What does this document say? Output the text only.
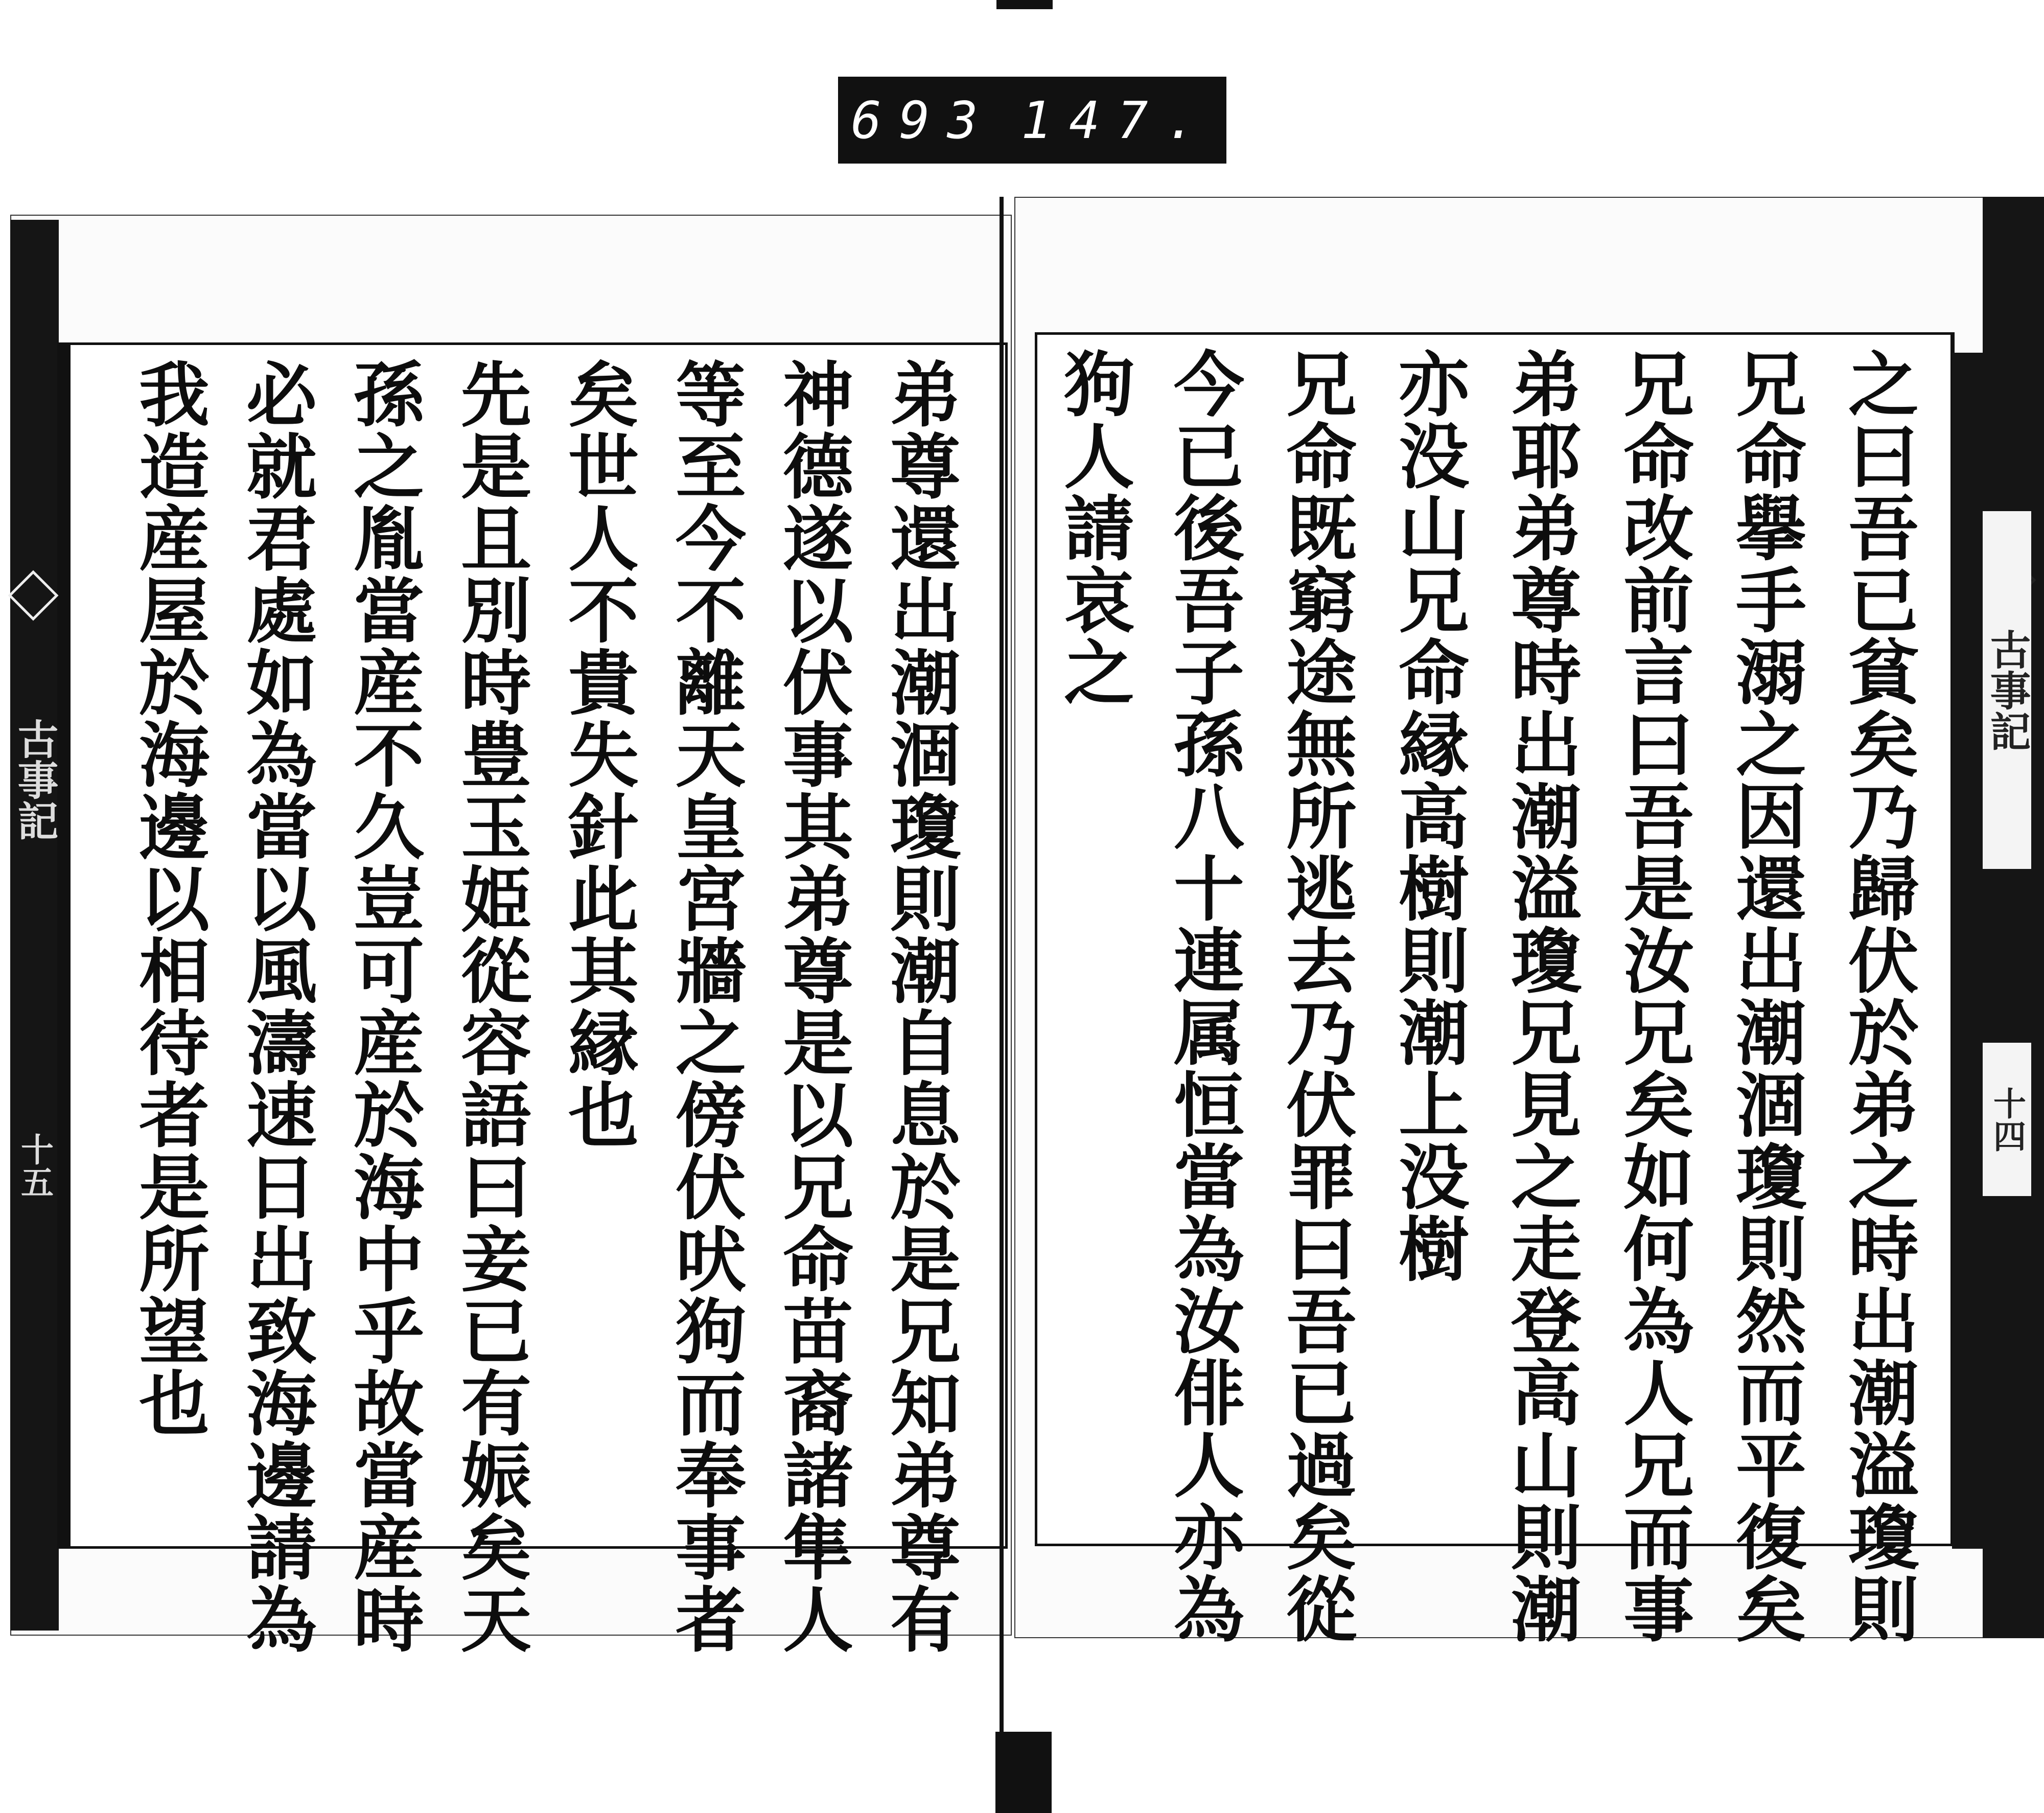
693 147.
古事記
十五
古事記
十四
之曰吾已貧矣乃歸伏於弟之時出潮溢瓊則
兄命擧手溺之因還出潮涸瓊則然而平復矣
兄命改前言曰吾是汝兄矣如何為人兄而事
弟耶弟尊時出潮溢瓊兄見之走登高山則潮
亦没山兄命縁高樹則潮上没樹
兄命既窮途無所逃去乃伏罪曰吾已過矣從
今已後吾子孫八十連属恒當為汝俳人亦為
狗人請哀之
弟尊還出潮涸瓊則潮自息於是兄知弟尊有
神德遂以伏事其弟尊是以兄命苗裔諸隼人
等至今不離天皇宮牆之傍伏吠狗而奉事者
矣世人不貴失針此其縁也
先是且別時豊玉姫從容語曰妾已有娠矣天
孫之胤當産不久豈可産於海中乎故當産時
必就君處如為當以風濤速日出致海邊請為
我造産屋於海邊以相待者是所望也
